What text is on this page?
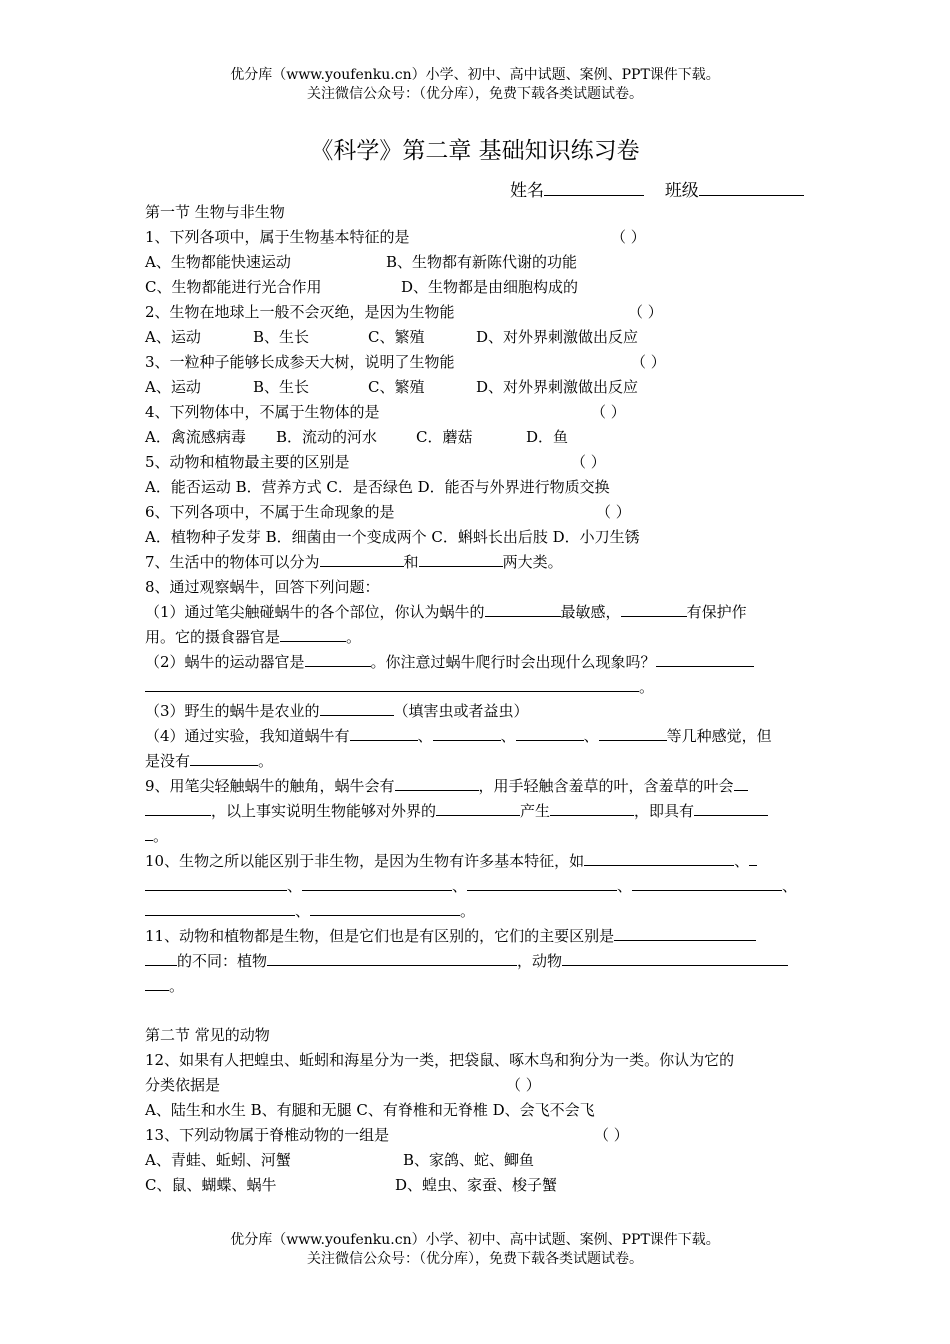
优分库（www.youfenku.cn）小学、初中、高中试题、案例、PPT课件下载。
关注微信公众号：（优分库），免费下载各类试题试卷。
《科学》第二章 基础知识练习卷
姓名	班级
第一节 生物与非生物
1、下列各项中，属于生物基本特征的是	（ ）
A、生物都能快速运动	B、生物都有新陈代谢的功能
C、生物都能进行光合作用	D、生物都是由细胞构成的
2、生物在地球上一般不会灭绝，是因为生物能	（ ）
A、运动	B、生长	C、繁殖	D、对外界刺激做出反应
3、一粒种子能够长成参天大树，说明了生物能	（ ）
A、运动	B、生长	C、繁殖	D、对外界刺激做出反应
4、下列物体中，不属于生物体的是	（ ）
A．禽流感病毒 B．流动的河水	C．蘑菇	D．鱼
5、动物和植物最主要的区别是	（ ）
A．能否运动 B．营养方式 C．是否绿色 D．能否与外界进行物质交换
6、下列各项中，不属于生命现象的是	（ ）
A．植物种子发芽 B．细菌由一个变成两个 C．蝌蚪长出后肢 D．小刀生锈
7、生活中的物体可以分为	和	两大类。
8、通过观察蜗牛，回答下列问题：
（1）通过笔尖触碰蜗牛的各个部位，你认为蜗牛的	最敏感，	有保护作
用。它的摄食器官是	。
（2）蜗牛的运动器官是	。你注意过蜗牛爬行时会出现什么现象吗？
。
（3）野生的蜗牛是农业的	（填害虫或者益虫）
（4）通过实验，我知道蜗牛有	、	、	、	等几种感觉，但
是没有	。
9、用笔尖轻触蜗牛的触角，蜗牛会有	，用手轻触含羞草的叶，含羞草的叶会
，以上事实说明生物能够对外界的	产生	，即具有
。
10、生物之所以能区别于非生物，是因为生物有许多基本特征，如	、
、	、	、	、
、	。
11、动物和植物都是生物，但是它们也是有区别的，它们的主要区别是
的不同：植物	，动物
。
第二节 常见的动物
12、如果有人把蝗虫、蚯蚓和海星分为一类，把袋鼠、啄木鸟和狗分为一类。你认为它的
分类依据是	（ ）
A、陆生和水生 B、有腿和无腿 C、有脊椎和无脊椎 D、会飞不会飞
13、下列动物属于脊椎动物的一组是	（ ）
A、青蛙、蚯蚓、河蟹	B、家鸽、蛇、鲫鱼
C、鼠、蝴蝶、蜗牛	D、蝗虫、家蚕、梭子蟹
优分库（www.youfenku.cn）小学、初中、高中试题、案例、PPT课件下载。
关注微信公众号：（优分库），免费下载各类试题试卷。
